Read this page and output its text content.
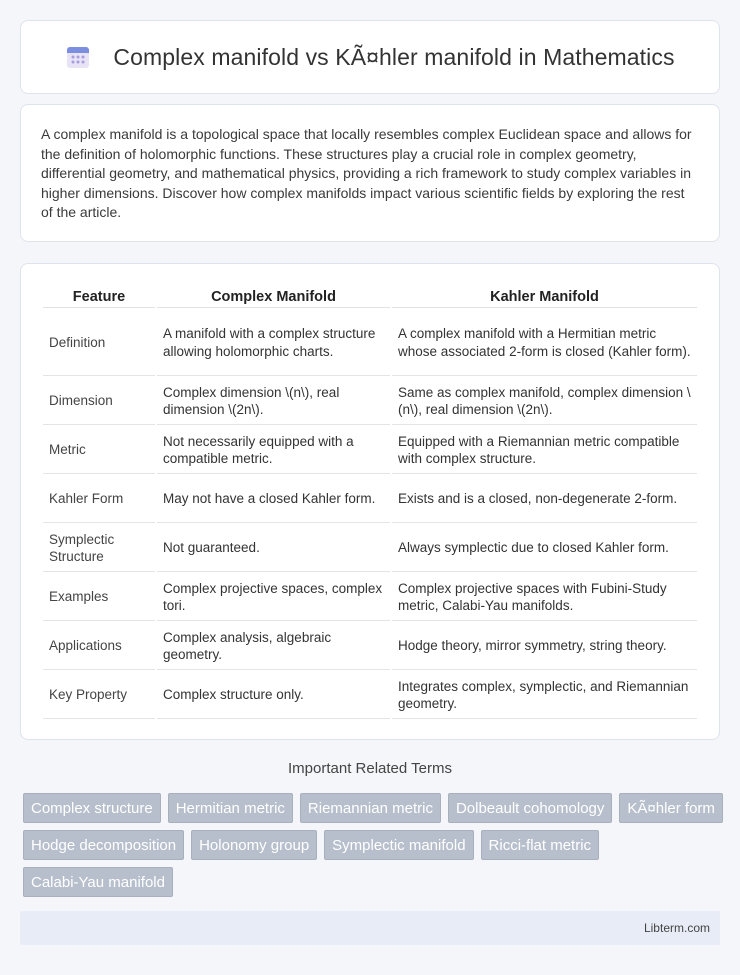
Complex manifold vs KÃ¤hler manifold in Mathematics

A complex manifold is a topological space that locally resembles complex Euclidean space and allows for the definition of holomorphic functions. These structures play a crucial role in complex geometry, differential geometry, and mathematical physics, providing a rich framework to study complex variables in higher dimensions. Discover how complex manifolds impact various scientific fields by exploring the rest of the article.

Feature	Complex Manifold	Kahler Manifold
Definition	A manifold with a complex structure allowing holomorphic charts.	A complex manifold with a Hermitian metric whose associated 2-form is closed (Kahler form).
Dimension	Complex dimension \(n\), real dimension \(2n\).	Same as complex manifold, complex dimension \(n\), real dimension \(2n\).
Metric	Not necessarily equipped with a compatible metric.	Equipped with a Riemannian metric compatible with complex structure.
Kahler Form	May not have a closed Kahler form.	Exists and is a closed, non-degenerate 2-form.
Symplectic Structure	Not guaranteed.	Always symplectic due to closed Kahler form.
Examples	Complex projective spaces, complex tori.	Complex projective spaces with Fubini-Study metric, Calabi-Yau manifolds.
Applications	Complex analysis, algebraic geometry.	Hodge theory, mirror symmetry, string theory.
Key Property	Complex structure only.	Integrates complex, symplectic, and Riemannian geometry.
Important Related Terms
Complex structure	Hermitian metric	Riemannian metric	Dolbeault cohomology	KÃ¤hler form
Hodge decomposition	Holonomy group	Symplectic manifold	Ricci-flat metric
Calabi-Yau manifold
Libterm.com
